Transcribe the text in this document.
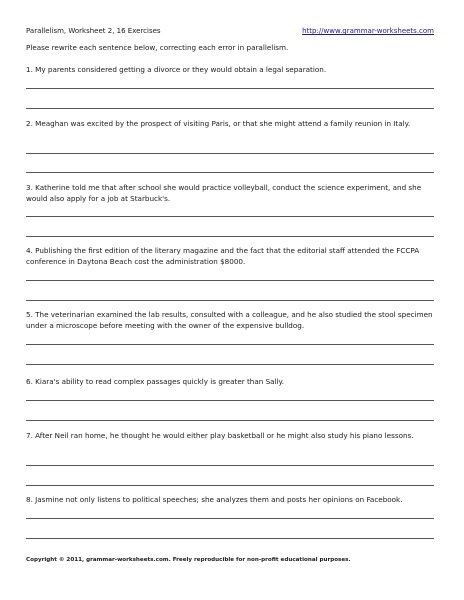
Parallelism, Worksheet 2, 16 Exercises	http://www.grammar-worksheets.com
Please rewrite each sentence below, correcting each error in parallelism.

1. My parents considered getting a divorce or they would obtain a legal separation.

2. Meaghan was excited by the prospect of visiting Paris, or that she might attend a family reunion in Italy.

3. Katherine told me that after school she would practice volleyball, conduct the science experiment, and she would also apply for a job at Starbuck's.

4. Publishing the first edition of the literary magazine and the fact that the editorial staff attended the FCCPA conference in Daytona Beach cost the administration $8000.

5. The veterinarian examined the lab results, consulted with a colleague, and he also studied the stool specimen under a microscope before meeting with the owner of the expensive bulldog.

6. Kiara's ability to read complex passages quickly is greater than Sally.

7. After Neil ran home, he thought he would either play basketball or he might also study his piano lessons.

8. Jasmine not only listens to political speeches; she analyzes them and posts her opinions on Facebook.

Copyright © 2011, grammar-worksheets.com. Freely reproducible for non-profit educational purposes.
